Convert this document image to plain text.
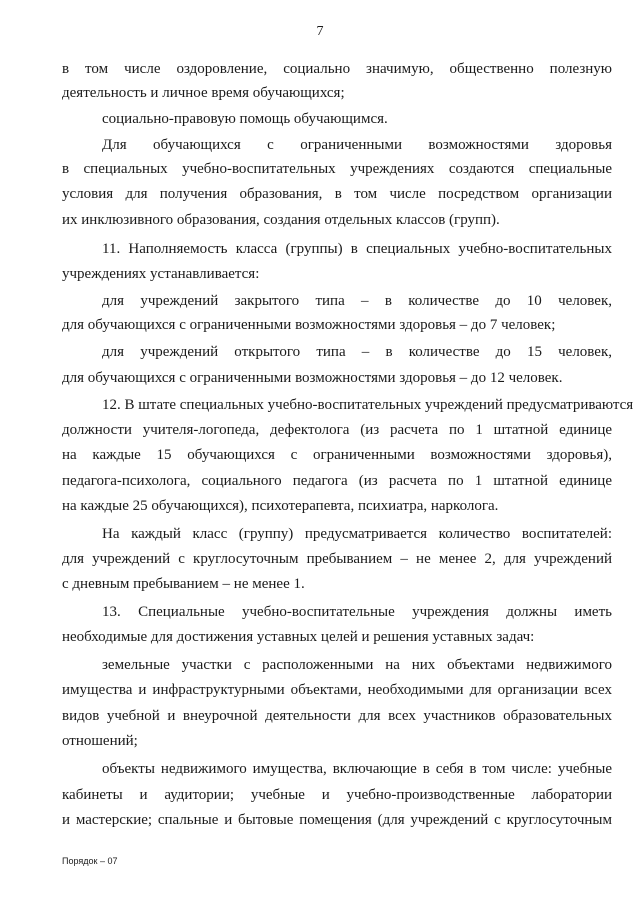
7
в том числе оздоровление, социально значимую, общественно полезную
деятельность и личное время обучающихся;
социально-правовую помощь обучающимся.
Для обучающихся с ограниченными возможностями здоровья
в специальных учебно-воспитательных учреждениях создаются специальные
условия для получения образования, в том числе посредством организации
их инклюзивного образования, создания отдельных классов (групп).
11. Наполняемость класса (группы) в специальных учебно-воспитательных
учреждениях устанавливается:
для учреждений закрытого типа – в количестве до 10 человек,
для обучающихся с ограниченными возможностями здоровья – до 7 человек;
для учреждений открытого типа – в количестве до 15 человек,
для обучающихся с ограниченными возможностями здоровья – до 12 человек.
12. В штате специальных учебно-воспитательных учреждений предусматриваются
должности учителя-логопеда, дефектолога (из расчета по 1 штатной единице
на каждые 15 обучающихся с ограниченными возможностями здоровья),
педагога-психолога, социального педагога (из расчета по 1 штатной единице
на каждые 25 обучающихся), психотерапевта, психиатра, нарколога.
На каждый класс (группу) предусматривается количество воспитателей:
для учреждений с круглосуточным пребыванием – не менее 2, для учреждений
с дневным пребыванием – не менее 1.
13. Специальные учебно-воспитательные учреждения должны иметь
необходимые для достижения уставных целей и решения уставных задач:
земельные участки с расположенными на них объектами недвижимого
имущества и инфраструктурными объектами, необходимыми для организации всех
видов учебной и внеурочной деятельности для всех участников образовательных
отношений;
объекты недвижимого имущества, включающие в себя в том числе: учебные
кабинеты и аудитории; учебные и учебно-производственные лаборатории
и мастерские; спальные и бытовые помещения (для учреждений с круглосуточным
Порядок – 07
